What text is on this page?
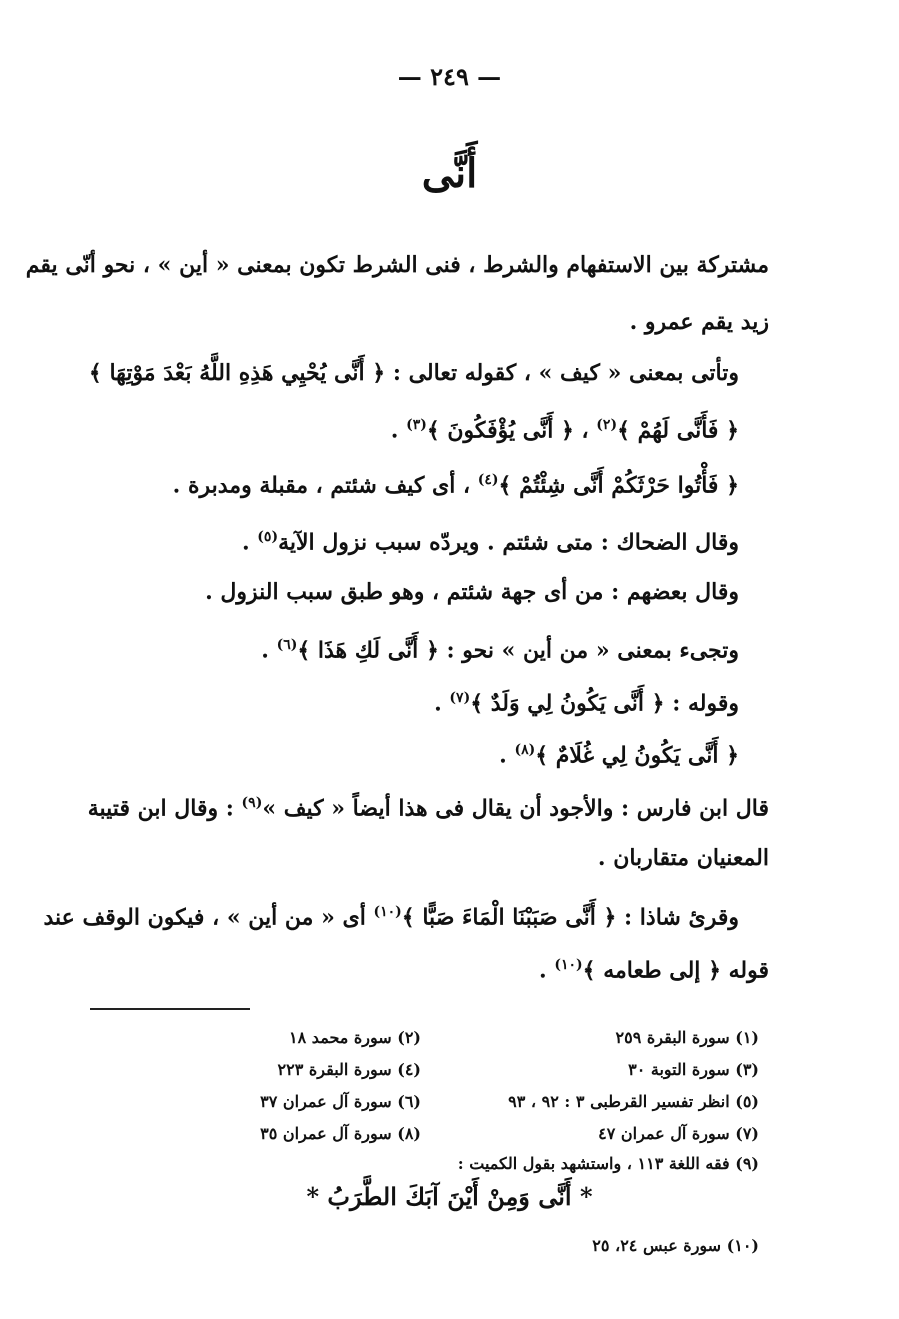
— ٢٤٩ —
أَنَّى
مشتركة بين الاستفهام والشرط ، فنى الشرط تكون بمعنى « أين » ، نحو أنّى يقم
زيد يقم عمرو .
وتأتى بمعنى « كيف » ، كقوله تعالى : ﴿ أَنَّى يُحْيِي هَذِهِ اللَّهُ بَعْدَ مَوْتِهَا ﴾
﴿ فَأَنَّى لَهُمْ ﴾$^{(٢)}$ ، ﴿ أَنَّى يُؤْفَكُونَ ﴾$^{(٣)}$ .
﴿ فَأْتُوا حَرْثَكُمْ أَنَّى شِئْتُمْ ﴾$^{(٤)}$ ، أى كيف شئتم ، مقبلة ومدبرة .
وقال الضحاك : متى شئتم . ويردّه سبب نزول الآية$^{(٥)}$ .
وقال بعضهم : من أى جهة شئتم ، وهو طبق سبب النزول .
وتجىء بمعنى « من أين » نحو : ﴿ أَنَّى لَكِ هَذَا ﴾$^{(٦)}$ .
وقوله : ﴿ أَنَّى يَكُونُ لِي وَلَدٌ ﴾$^{(٧)}$ .
﴿ أَنَّى يَكُونُ لِي غُلَامٌ ﴾$^{(٨)}$ .
قال ابن فارس : والأجود أن يقال فى هذا أيضاً « كيف »$^{(٩)}$ : وقال ابن قتيبة
المعنيان متقاربان .
وقرئ شاذا : ﴿ أَنَّى صَبَبْنَا الْمَاءَ صَبًّا ﴾$^{(١٠)}$ أى « من أين » ، فيكون الوقف عند
قوله ﴿ إلى طعامه ﴾$^{(١٠)}$ .
(١) سورة البقرة ٢٥٩
(٢) سورة محمد ١٨
(٣) سورة التوبة ٣٠
(٤) سورة البقرة ٢٢٣
(٥) انظر تفسير القرطبى ٣ : ٩٢ ، ٩٣
(٦) سورة آل عمران ٣٧
(٧) سورة آل عمران ٤٧
(٨) سورة آل عمران ٣٥
(٩) فقه اللغة ١١٣ ، واستشهد بقول الكميت :
* أَنَّى وَمِنْ أَيْنَ آبَكَ الطَّرَبُ *
(١٠) سورة عبس ٢٤، ٢٥
